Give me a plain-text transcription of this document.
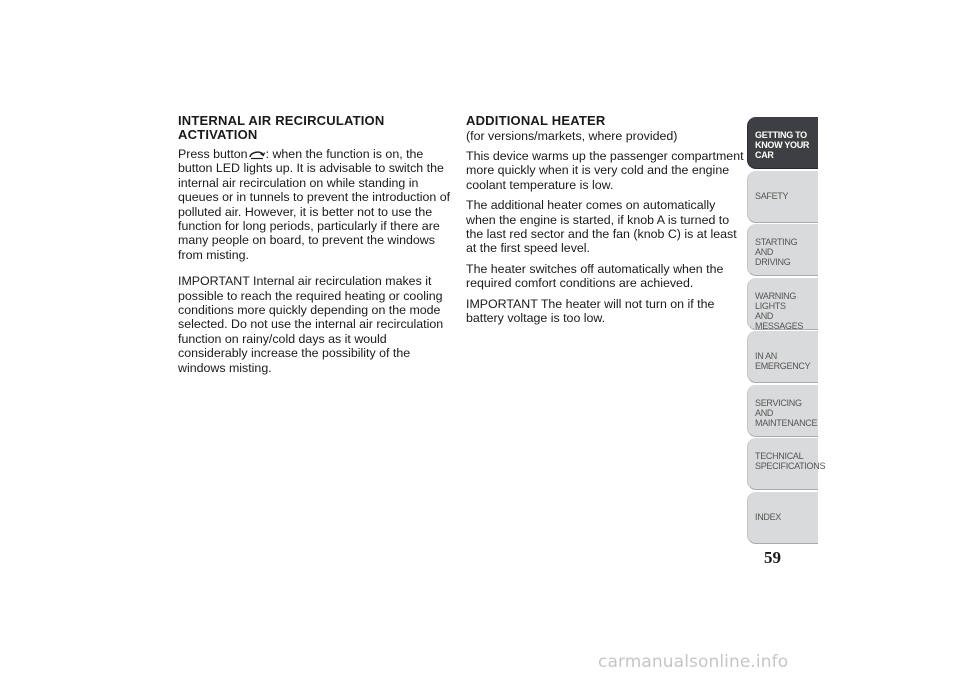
INTERNAL AIR RECIRCULATION
ACTIVATION

Press button : when the function is on, the button LED lights up. It is advisable to switch the internal air recirculation on while standing in queues or in tunnels to prevent the introduction of polluted air. However, it is better not to use the function for long periods, particularly if there are many people on board, to prevent the windows from misting.

IMPORTANT Internal air recirculation makes it possible to reach the required heating or cooling conditions more quickly depending on the mode selected. Do not use the internal air recirculation function on rainy/cold days as it would considerably increase the possibility of the windows misting.

ADDITIONAL HEATER
(for versions/markets, where provided)

This device warms up the passenger compartment more quickly when it is very cold and the engine coolant temperature is low.

The additional heater comes on automatically when the engine is started, if knob A is turned to the last red sector and the fan (knob C) is at least at the first speed level.

The heater switches off automatically when the required comfort conditions are achieved.

IMPORTANT The heater will not turn on if the battery voltage is too low.

GETTING TO
KNOW YOUR CAR
SAFETY
STARTING AND
DRIVING
WARNING LIGHTS
AND MESSAGES
IN AN EMERGENCY
SERVICING AND
MAINTENANCE
TECHNICAL
SPECIFICATIONS
INDEX
59
carmanualsonline.info
